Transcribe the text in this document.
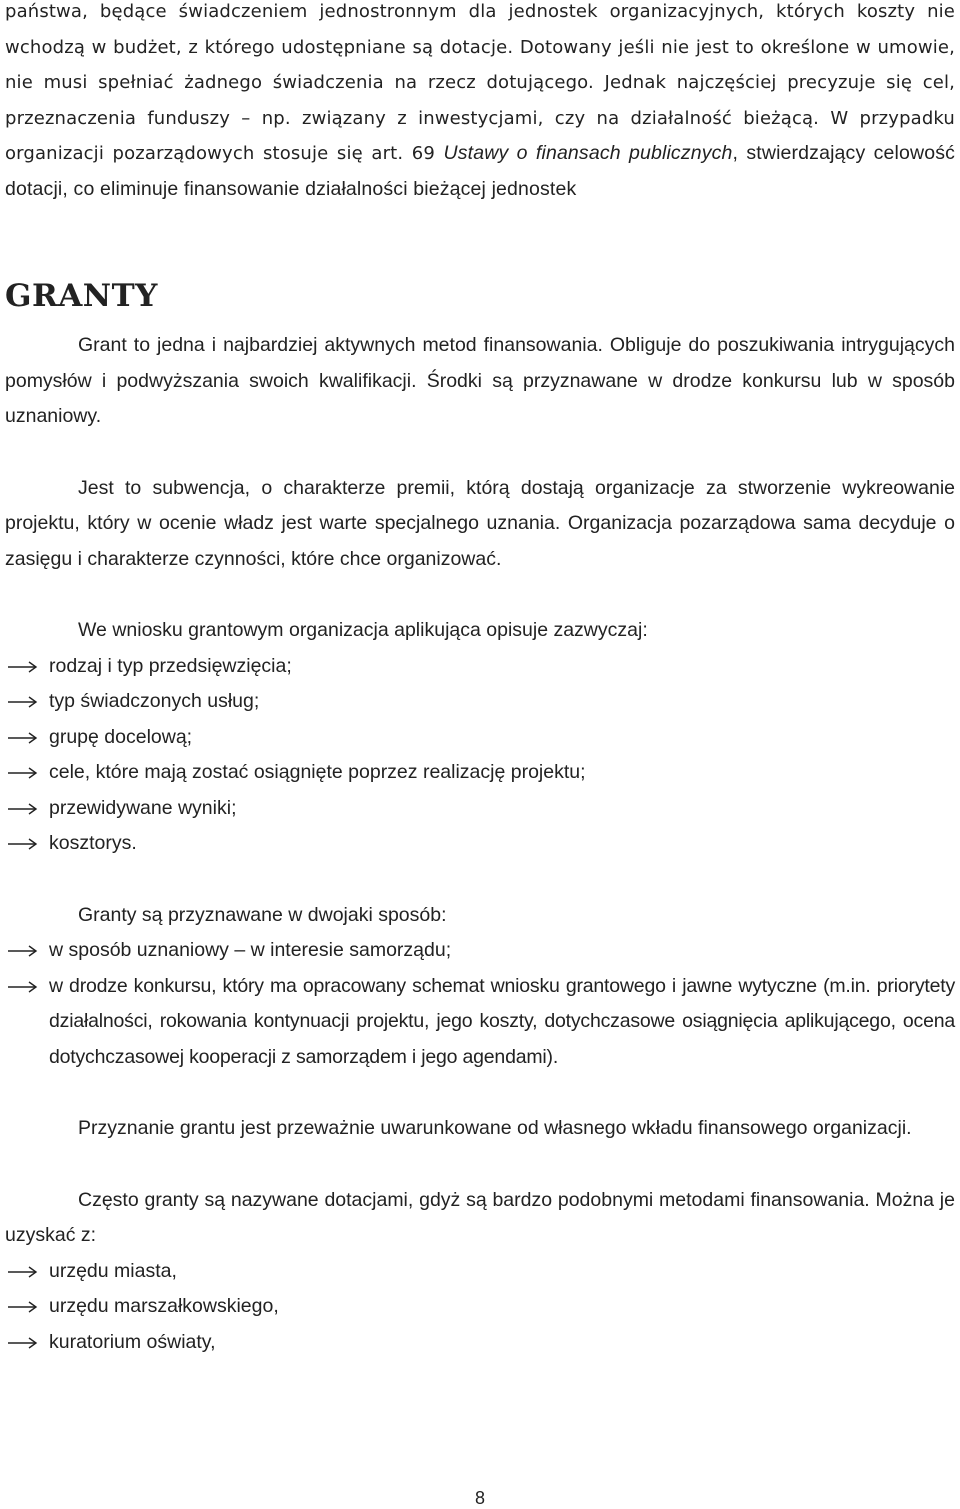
państwa, będące świadczeniem jednostronnym dla jednostek organizacyjnych, których koszty nie wchodzą w budżet, z którego udostępniane są dotacje. Dotowany jeśli nie jest to określone w umowie, nie musi spełniać żadnego świadczenia na rzecz dotującego. Jednak najczęściej precyzuje się cel, przeznaczenia funduszy – np. związany z inwestycjami, czy na działalność bieżącą. W przypadku organizacji pozarządowych stosuje się art. 69 Ustawy o finansach publicznych, stwierdzający celowość dotacji, co eliminuje finansowanie działalności bieżącej jednostek

GRANTY

Grant to jedna i najbardziej aktywnych metod finansowania. Obliguje do poszukiwania intrygujących pomysłów i podwyższania swoich kwalifikacji. Środki są przyznawane w drodze konkursu lub w sposób uznaniowy.

Jest to subwencja, o charakterze premii, którą dostają organizacje za stworzenie wykreowanie projektu, który w ocenie władz jest warte specjalnego uznania. Organizacja pozarządowa sama decyduje o zasięgu i charakterze czynności, które chce organizować.

We wniosku grantowym organizacja aplikująca opisuje zazwyczaj:

rodzaj i typ przedsięwzięcia;
typ świadczonych usług;
grupę docelową;
cele, które mają zostać osiągnięte poprzez realizację projektu;
przewidywane wyniki;
kosztorys.

Granty są przyznawane w dwojaki sposób:

w sposób uznaniowy – w interesie samorządu;
w drodze konkursu, który ma opracowany schemat wniosku grantowego i jawne wytyczne (m.in. priorytety działalności, rokowania kontynuacji projektu, jego koszty, dotychczasowe osiągnięcia aplikującego, ocena dotychczasowej kooperacji z samorządem i jego agendami).

Przyznanie grantu jest przeważnie uwarunkowane od własnego wkładu finansowego organizacji.

Często granty są nazywane dotacjami, gdyż są bardzo podobnymi metodami finansowania. Można je uzyskać z:

urzędu miasta,
urzędu marszałkowskiego,
kuratorium oświaty,
8
